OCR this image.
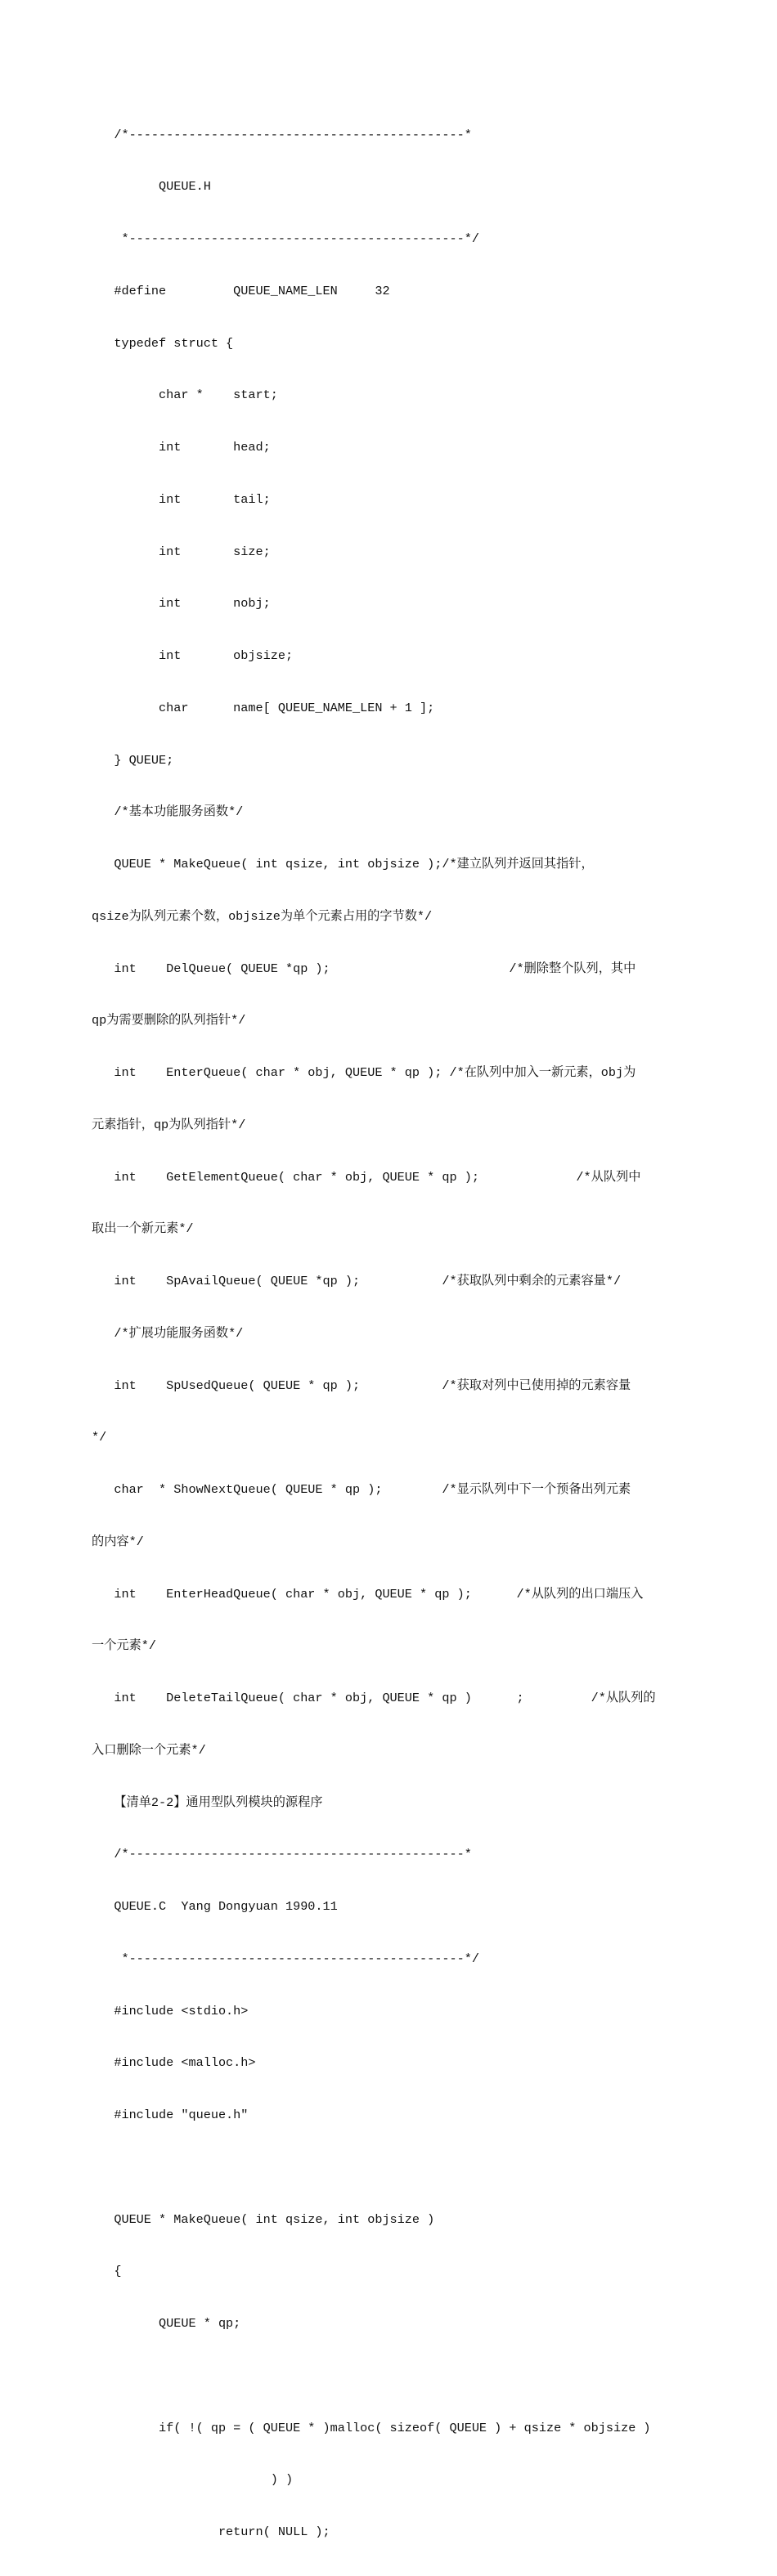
/*---------------------------------------------*

QUEUE.H

*---------------------------------------------*/

#define         QUEUE_NAME_LEN     32

typedef struct {

char *    start;

int       head;

int       tail;

int       size;

int       nobj;

int       objsize;

char      name[ QUEUE_NAME_LEN + 1 ];

} QUEUE;

/*基本功能服务函数*/

QUEUE * MakeQueue( int qsize, int objsize );/*建立队列并返回其指针，

qsize为队列元素个数，objsize为单个元素占用的字节数*/

int    DelQueue( QUEUE *qp );                        /*删除整个队列，其中

qp为需要删除的队列指针*/

int    EnterQueue( char * obj, QUEUE * qp ); /*在队列中加入一新元素，obj为

元素指针，qp为队列指针*/

int    GetElementQueue( char * obj, QUEUE * qp );             /*从队列中

取出一个新元素*/

int    SpAvailQueue( QUEUE *qp );           /*获取队列中剩余的元素容量*/

/*扩展功能服务函数*/

int    SpUsedQueue( QUEUE * qp );           /*获取对列中已使用掉的元素容量

*/

char  * ShowNextQueue( QUEUE * qp );        /*显示队列中下一个预备出列元素

的内容*/

int    EnterHeadQueue( char * obj, QUEUE * qp );      /*从队列的出口端压入

一个元素*/

int    DeleteTailQueue( char * obj, QUEUE * qp )      ;         /*从队列的

入口删除一个元素*/

【清单2-2】通用型队列模块的源程序

/*---------------------------------------------*

QUEUE.C  Yang Dongyuan 1990.11

*---------------------------------------------*/

#include <stdio.h>

#include <malloc.h>

#include "queue.h"

QUEUE * MakeQueue( int qsize, int objsize )

{

QUEUE * qp;

if( !( qp = ( QUEUE * )malloc( sizeof( QUEUE ) + qsize * objsize )

) )

return( NULL );
